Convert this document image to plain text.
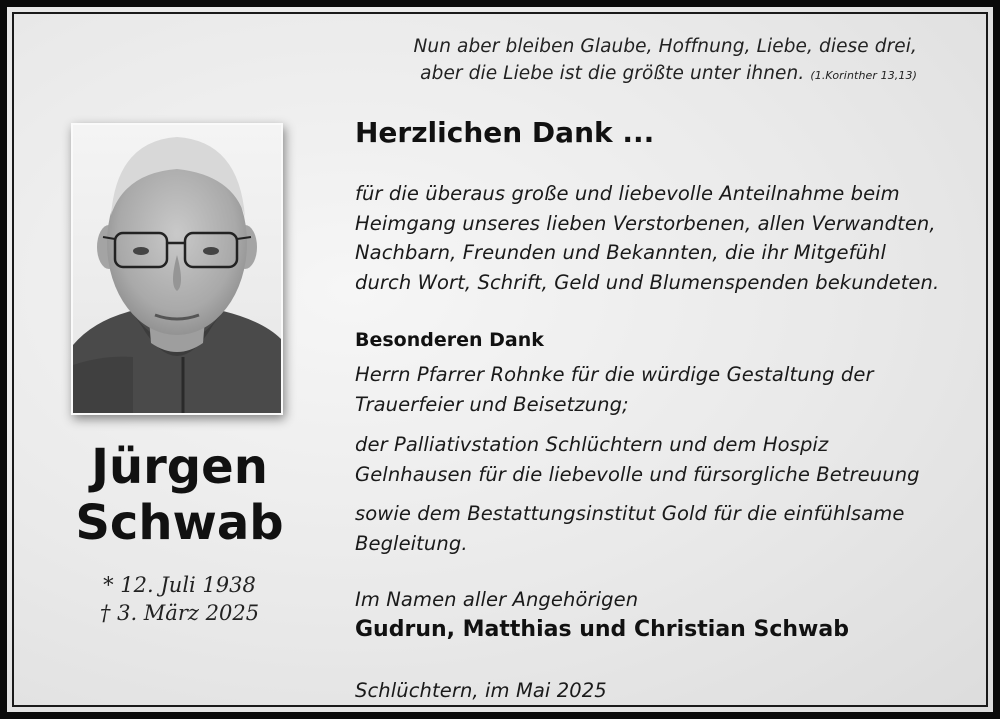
Nun aber bleiben Glaube, Hoffnung, Liebe, diese drei,
aber die Liebe ist die größte unter ihnen. (1.Korinther 13,13)
Jürgen
Schwab
* 12. Juli 1938
† 3. März 2025
Herzlichen Dank ...

für die überaus große und liebevolle Anteilnahme beim
Heimgang unseres lieben Verstorbenen, allen Verwandten,
Nachbarn, Freunden und Bekannten, die ihr Mitgefühl
durch Wort, Schrift, Geld und Blumenspenden bekundeten.

Besonderen Dank

Herrn Pfarrer Rohnke für die würdige Gestaltung der
Trauerfeier und Beisetzung;

der Palliativstation Schlüchtern und dem Hospiz
Gelnhausen für die liebevolle und fürsorgliche Betreuung

sowie dem Bestattungsinstitut Gold für die einfühlsame
Begleitung.

Im Namen aller Angehörigen

Gudrun, Matthias und Christian Schwab

Schlüchtern, im Mai 2025
